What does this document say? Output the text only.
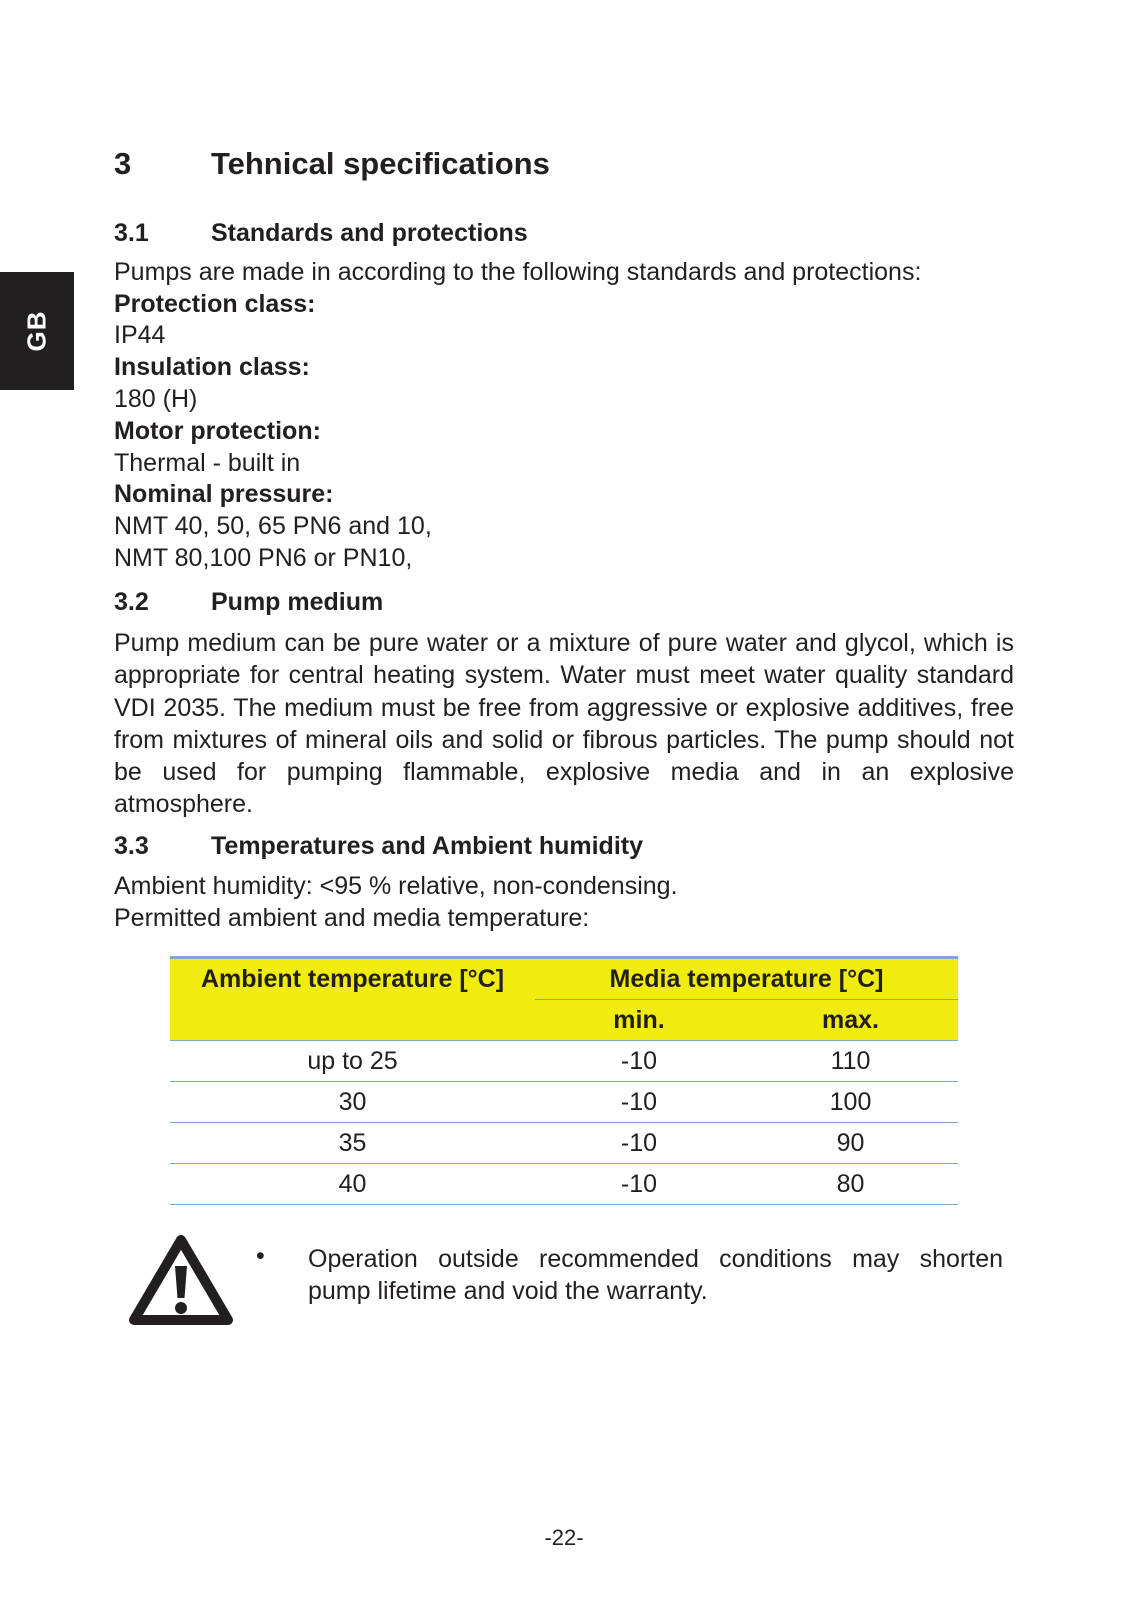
GB
3	Tehnical specifications
3.1 Standards and protections
Pumps are made in according to the following standards and protections:
Protection class:
IP44
Insulation class:
180 (H)
Motor protection:
Thermal - built in
Nominal pressure:
NMT 40, 50, 65 PN6 and 10,
NMT 80,100 PN6 or PN10,
3.2 Pump medium
Pump medium can be pure water or a mixture of pure water and glycol, which is appropriate for central heating system. Water must meet water quality standard VDI 2035. The medium must be free from aggressive or explosive additives, free from mixtures of mineral oils and solid or fibrous particles. The pump should not be used for pumping flammable, explosive media and in an explosive atmosphere.
3.3 Temperatures and Ambient humidity
Ambient humidity: <95 % relative, non-condensing.
Permitted ambient and media temperature:
Ambient temperature [°C]	Media temperature [°C]	
	min.	max.
up to 25	-10	110
30	-10	100
35	-10	90
40	-10	80
• Operation outside recommended conditions may shorten pump lifetime and void the warranty.
-22-
